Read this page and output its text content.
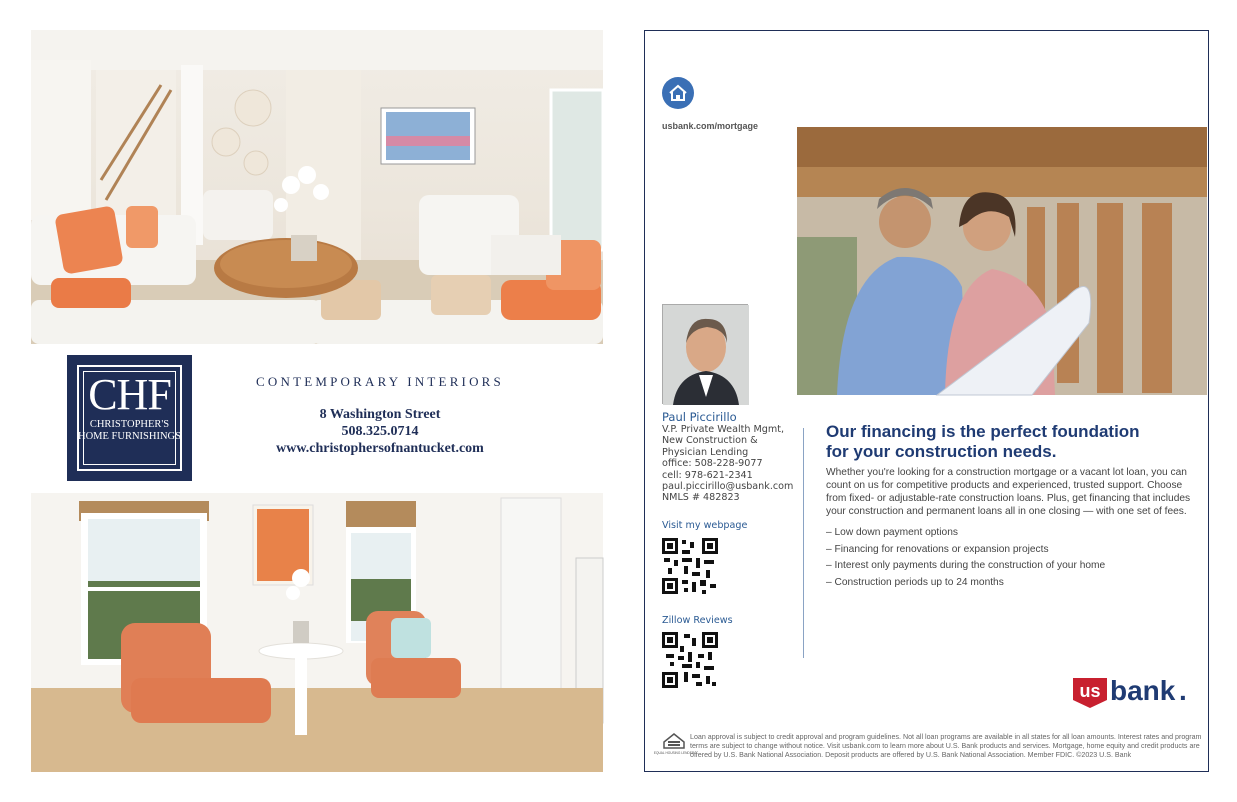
CHF
CHRISTOPHER'S
HOME FURNISHINGS
CONTEMPORARY INTERIORS
8 Washington Street
508.325.0714
www.christophersofnantucket.com
usbank.com/mortgage
Paul Piccirillo
V.P. Private Wealth Mgmt,
New Construction &
Physician Lending
office: 508-228-9077
cell: 978-621-2341
paul.piccirillo@usbank.com
NMLS # 482823
Visit my webpage
Zillow Reviews
Our financing is the perfect foundation
for your construction needs.
Whether you're looking for a construction mortgage or a vacant lot loan, you can count on us for competitive products and experienced, trusted support. Choose from fixed- or adjustable-rate construction loans. Plus, get financing that includes your construction and permanent loans all in one closing — with one set of fees.
– Low down payment options
– Financing for renovations or expansion projects
– Interest only payments during the construction of your home
– Construction periods up to 24 months
us bank .
EQUAL HOUSING LENDER
Loan approval is subject to credit approval and program guidelines. Not all loan programs are available in all states for all loan amounts. Interest rates and program terms are subject to change without notice. Visit usbank.com to learn more about U.S. Bank products and services. Mortgage, home equity and credit products are offered by U.S. Bank National Association. Deposit products are offered by U.S. Bank National Association. Member FDIC. ©2023 U.S. Bank
